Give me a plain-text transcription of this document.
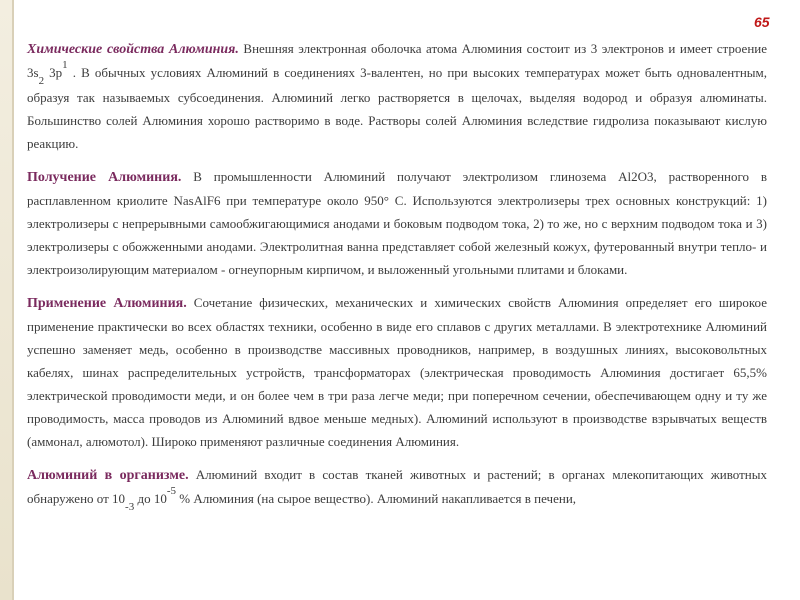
65

Химические свойства Алюминия. Внешняя электронная оболочка атома Алюминия состоит из 3 электронов и имеет строение $3s_2$ $3p^1$ . В обычных условиях Алюминий в соединениях 3-валентен, но при высоких температурах может быть одновалентным, образуя так называемых субсоединения. Алюминий легко растворяется в щелочах, выделяя водород и образуя алюминаты. Большинство солей Алюминия хорошо растворимо в воде. Растворы солей Алюминия вследствие гидролиза показывают кислую реакцию.

Получение Алюминия. В промышленности Алюминий получают электролизом глинозема Al2O3, растворенного в расплавленном криолите NasAlF6 при температуре около 950° С. Используются электролизеры трех основных конструкций: 1) электролизеры с непрерывными самообжигающимися анодами и боковым подводом тока, 2) то же, но с верхним подводом тока и 3) электролизеры с обожженными анодами. Электролитная ванна представляет собой железный кожух, футерованный внутри тепло- и электроизолирующим материалом - огнеупорным кирпичом, и выложенный угольными плитами и блоками.

Применение Алюминия. Сочетание физических, механических и химических свойств Алюминия определяет его широкое применение практически во всех областях техники, особенно в виде его сплавов с других металлами. В электротехнике Алюминий успешно заменяет медь, особенно в производстве массивных проводников, например, в воздушных линиях, высоковольтных кабелях, шинах распределительных устройств, трансформаторах (электрическая проводимость Алюминия достигает 65,5% электрической проводимости меди, и он более чем в три раза легче меди; при поперечном сечении, обеспечивающем одну и ту же проводимость, масса проводов из Алюминий вдвое меньше медных). Алюминий используют в производстве взрывчатых веществ (аммонал, алюмотол). Широко применяют различные соединения Алюминия.

Алюминий в организме. Алюминий входит в состав тканей животных и растений; в органах млекопитающих животных обнаружено от $10_{-3}$ до $10^{-5}$ % Алюминия (на сырое вещество). Алюминий накапливается в печени,
